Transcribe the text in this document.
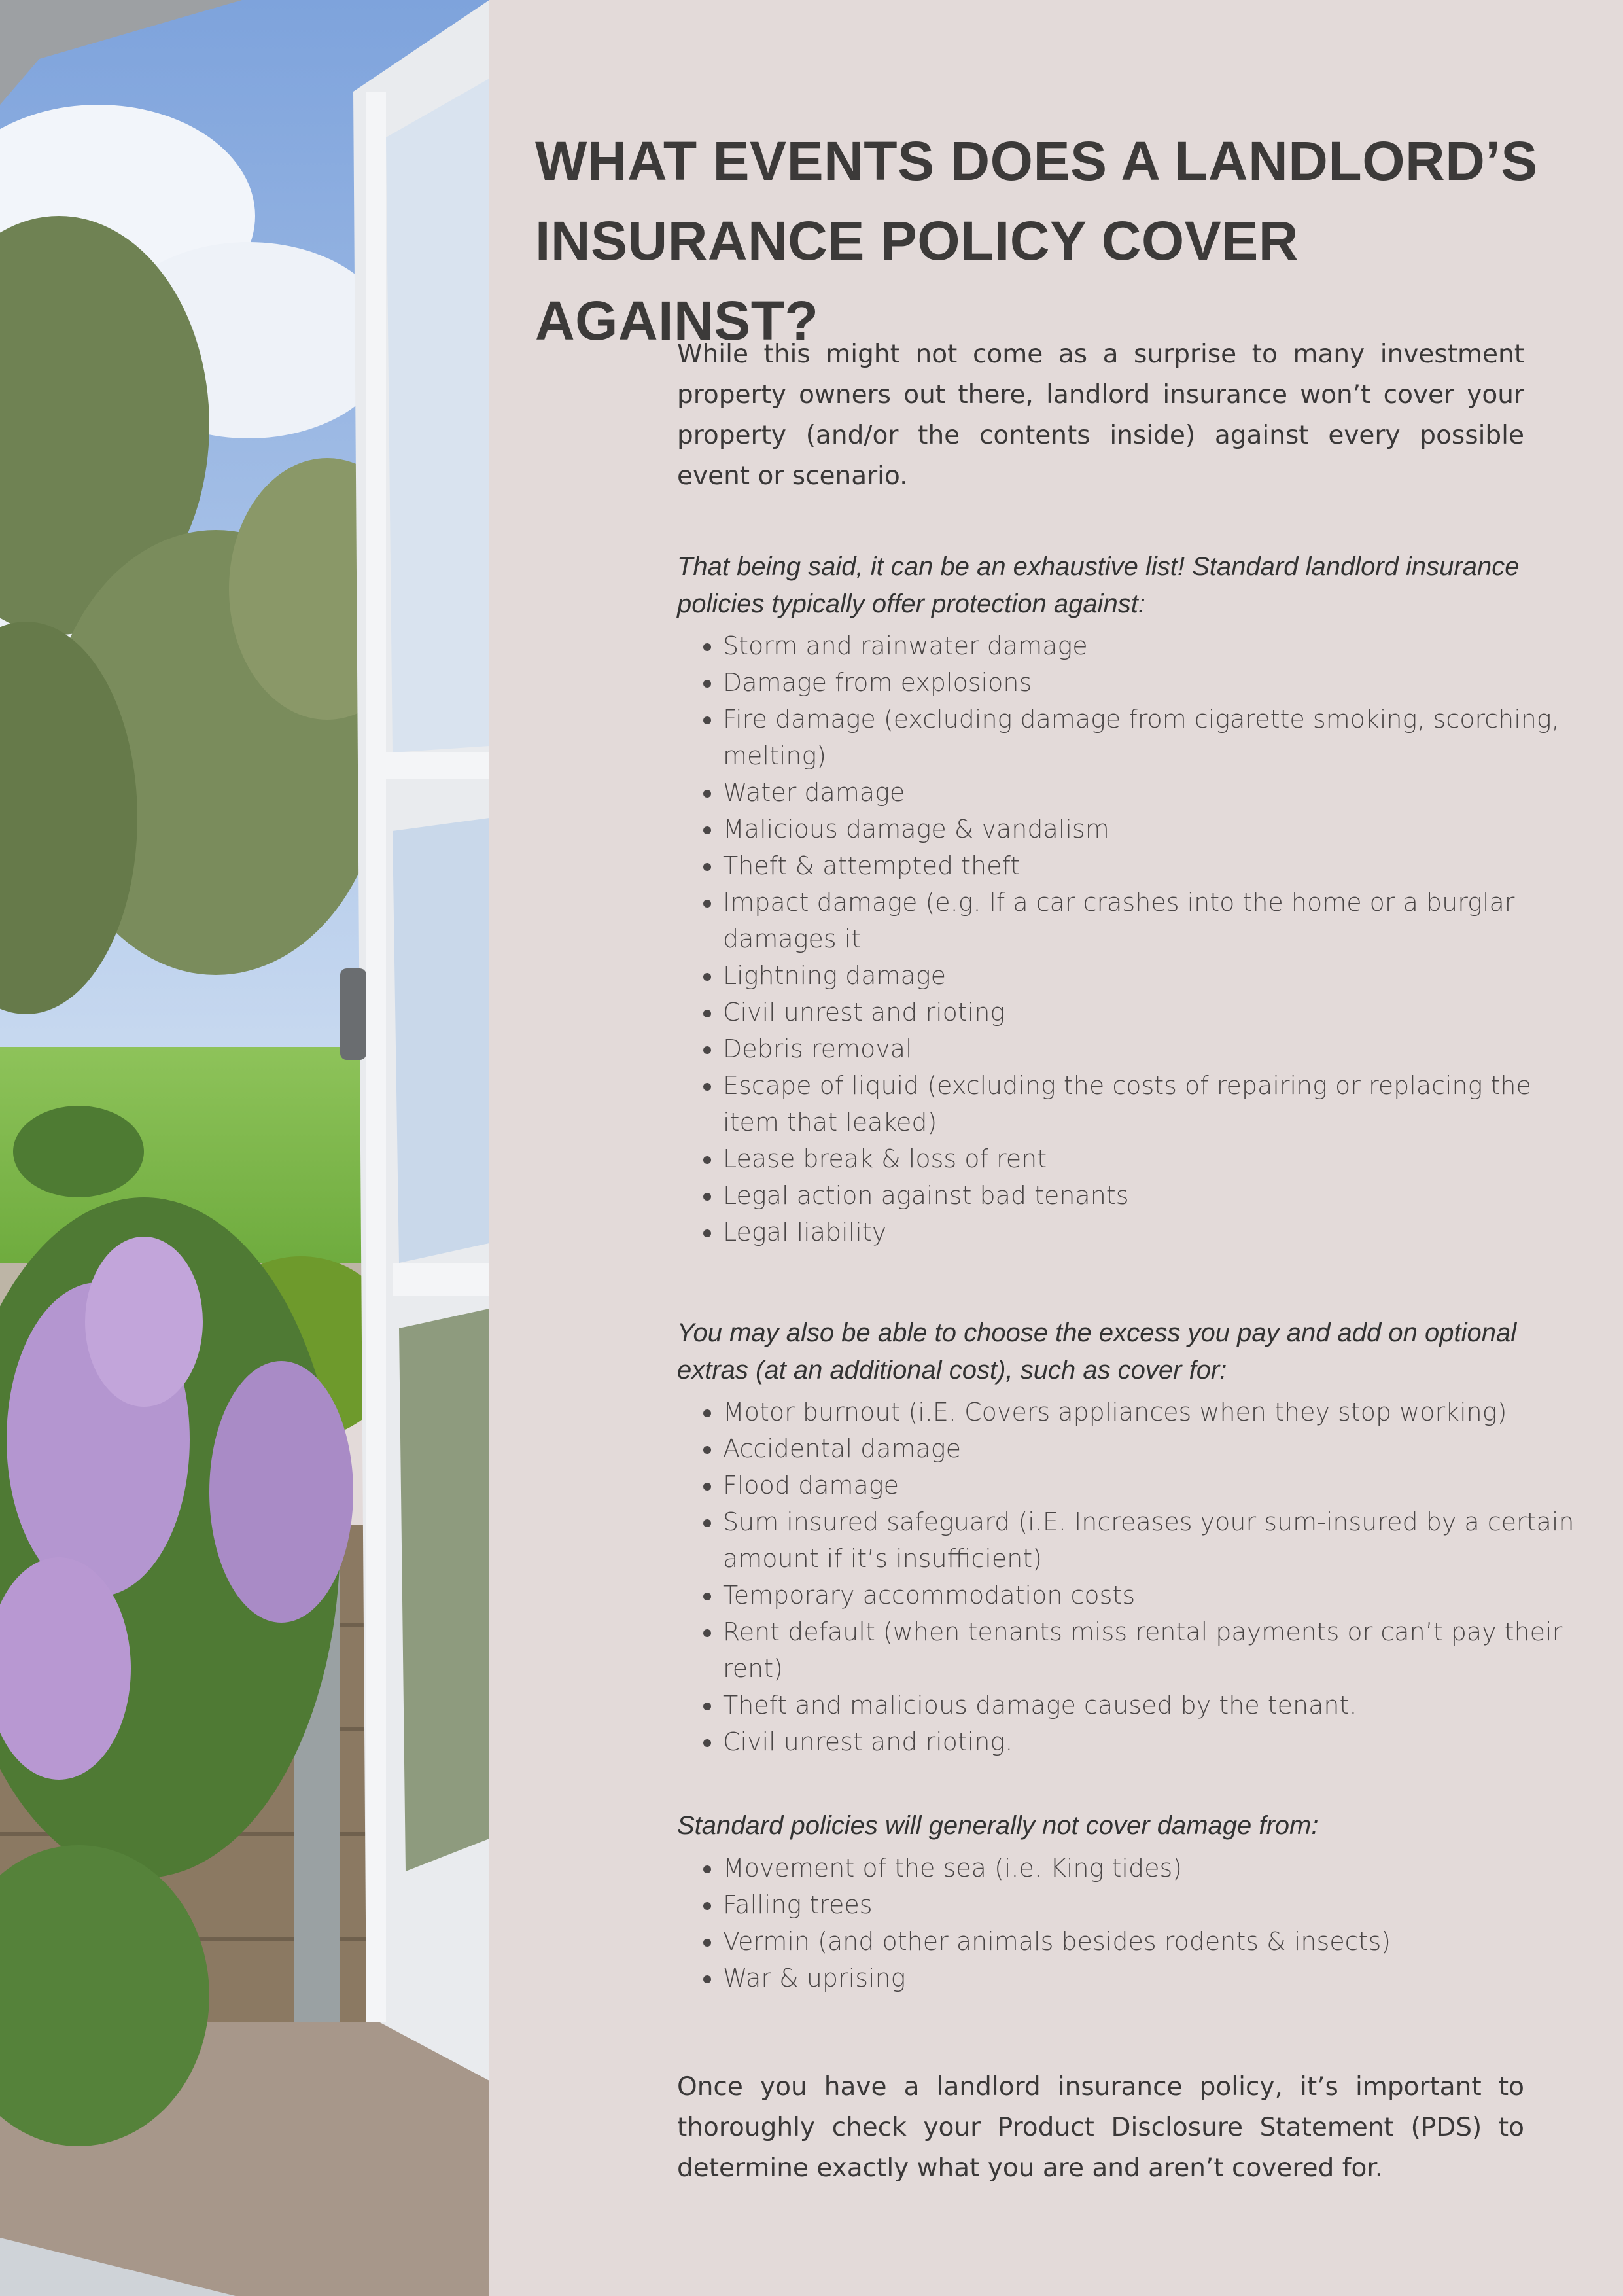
WHAT EVENTS DOES A LANDLORD’S INSURANCE POLICY COVER AGAINST?

While this might not come as a surprise to many investment property owners out there, landlord insurance won’t cover your property (and/or the contents inside) against every possible event or scenario.

That being said, it can be an exhaustive list! Standard landlord insurance policies typically offer protection against:

• Storm and rainwater damage
• Damage from explosions
• Fire damage (excluding damage from cigarette smoking, scorching, melting)
• Water damage
• Malicious damage & vandalism
• Theft & attempted theft
• Impact damage (e.g. If a car crashes into the home or a burglar damages it
• Lightning damage
• Civil unrest and rioting
• Debris removal
• Escape of liquid (excluding the costs of repairing or replacing the item that leaked)
• Lease break & loss of rent
• Legal action against bad tenants
• Legal liability

You may also be able to choose the excess you pay and add on optional extras (at an additional cost), such as cover for:

• Motor burnout (i.E. Covers appliances when they stop working)
• Accidental damage
• Flood damage
• Sum insured safeguard (i.E. Increases your sum-insured by a certain amount if it’s insufficient)
• Temporary accommodation costs
• Rent default (when tenants miss rental payments or can’t pay their rent)
• Theft and malicious damage caused by the tenant.
• Civil unrest and rioting.

Standard policies will generally not cover damage from:

• Movement of the sea (i.e. King tides)
• Falling trees
• Vermin (and other animals besides rodents & insects)
• War & uprising

Once you have a landlord insurance policy, it’s important to thoroughly check your Product Disclosure Statement (PDS) to determine exactly what you are and aren’t covered for.
